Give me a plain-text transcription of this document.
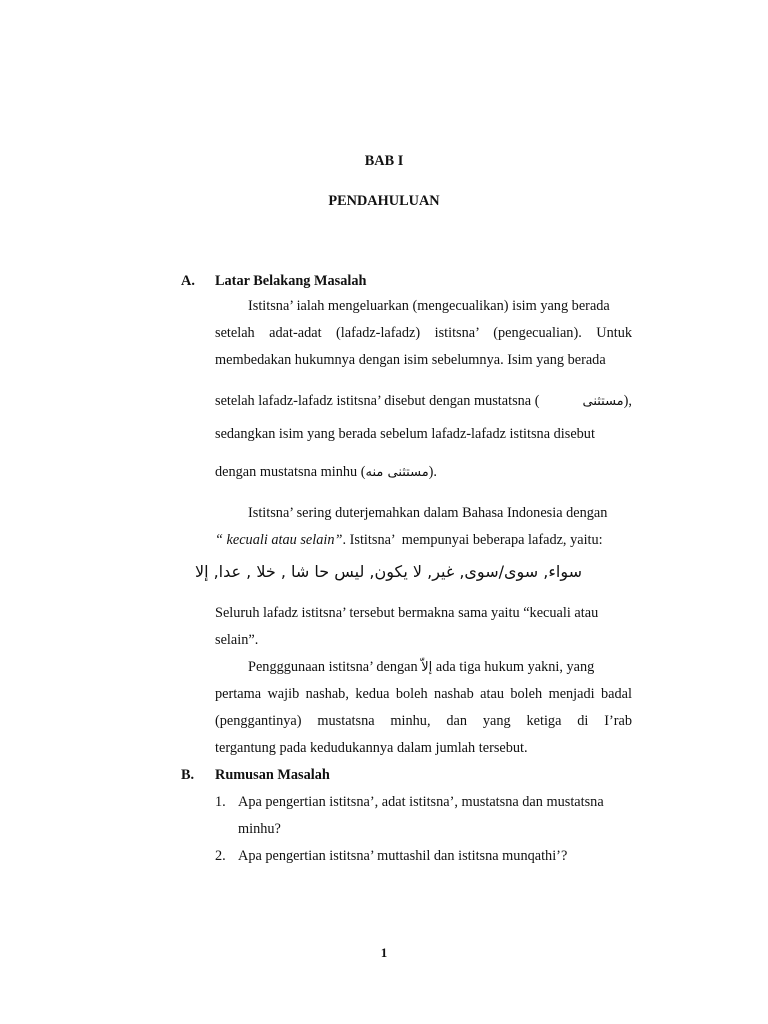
BAB I
PENDAHULUAN
A. Latar Belakang Masalah
Istitsna’ ialah mengeluarkan (mengecualikan) isim yang berada
setelah adat-adat (lafadz-lafadz) istitsna’ (pengecualian). Untuk
membedakan hukumnya dengan isim sebelumnya. Isim yang berada
setelah lafadz-lafadz istitsna’ disebut dengan mustatsna (	مستثنى ),
sedangkan isim yang berada sebelum lafadz-lafadz istitsna disebut
dengan mustatsna minhu (مستثنى منه).
Istitsna’ sering duterjemahkan dalam Bahasa Indonesia dengan
“ kecuali atau selain”. Istitsna’  mempunyai beberapa lafadz, yaitu:
سواء, سوى/سوى, غير, لا يكون, ليس حا شا , خلا , عدا, إلا
Seluruh lafadz istitsna’ tersebut bermakna sama yaitu “kecuali atau
selain”.
Pengggunaan istitsna’ dengan إلاّ ada tiga hukum yakni, yang
pertama wajib nashab, kedua boleh nashab atau boleh menjadi badal
(penggantinya) mustatsna minhu, dan yang ketiga di I’rab
tergantung pada kedudukannya dalam jumlah tersebut.
B. Rumusan Masalah
1. Apa pengertian istitsna’, adat istitsna’, mustatsna dan mustatsna
minhu?
2. Apa pengertian istitsna’ muttashil dan istitsna munqathi’?
1
